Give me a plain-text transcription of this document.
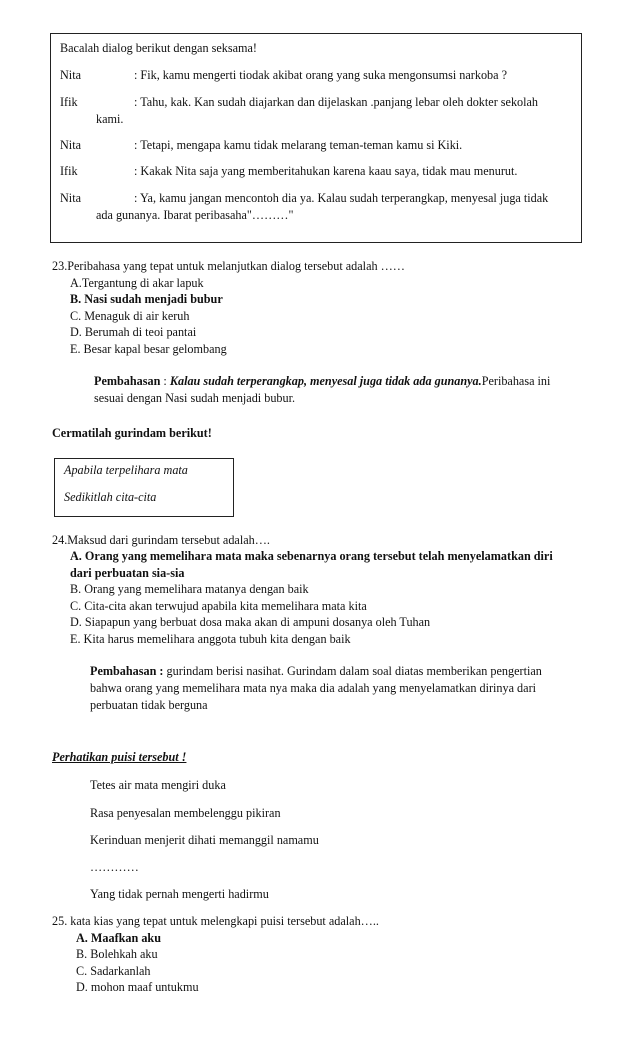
Bacalah dialog berikut dengan seksama!
Nita	: Fik, kamu mengerti tiodak akibat orang yang suka mengonsumsi narkoba ?
Ifik	: Tahu, kak. Kan sudah diajarkan dan dijelaskan .panjang lebar oleh dokter sekolah
kami.
Nita	: Tetapi, mengapa kamu tidak melarang teman-teman kamu si Kiki.
Ifik	: Kakak Nita saja yang memberitahukan karena kaau saya, tidak mau menurut.
Nita	: Ya, kamu jangan mencontoh dia ya. Kalau sudah terperangkap, menyesal juga tidak
ada gunanya. Ibarat peribasaha"………"
23.Peribahasa yang tepat untuk melanjutkan dialog tersebut adalah ……
A.Tergantung di akar lapuk
B. Nasi sudah menjadi bubur
C. Menaguk di air keruh
D. Berumah di teoi pantai
E. Besar kapal besar gelombang
Pembahasan : Kalau sudah terperangkap, menyesal juga tidak ada gunanya.Peribahasa ini
sesuai dengan Nasi sudah menjadi bubur.
Cermatilah gurindam berikut!
Apabila terpelihara mata
Sedikitlah cita-cita
24.Maksud dari gurindam tersebut adalah….
A. Orang yang memelihara mata maka sebenarnya orang tersebut telah menyelamatkan diri
dari perbuatan sia-sia
B. Orang yang memelihara matanya dengan baik
C. Cita-cita akan terwujud apabila kita memelihara mata kita
D. Siapapun yang berbuat dosa maka akan di ampuni dosanya oleh Tuhan
E. Kita harus memelihara anggota tubuh kita dengan baik
Pembahasan : gurindam berisi nasihat. Gurindam dalam soal diatas memberikan pengertian
bahwa orang yang memelihara mata nya maka dia adalah yang menyelamatkan dirinya dari
perbuatan tidak berguna
Perhatikan puisi tersebut !
Tetes air mata mengiri duka
Rasa penyesalan membelenggu pikiran
Kerinduan menjerit dihati memanggil namamu
…………
Yang tidak pernah mengerti hadirmu
25. kata kias yang tepat untuk melengkapi puisi tersebut adalah…..
A. Maafkan aku
B. Bolehkah aku
C. Sadarkanlah
D. mohon maaf untukmu
